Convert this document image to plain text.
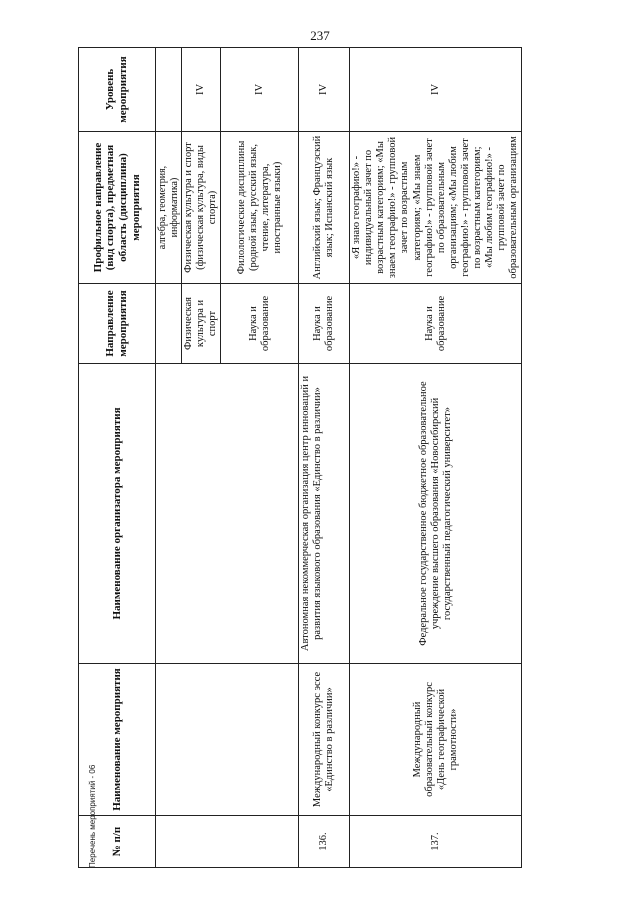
237
№ п/п	Наименование мероприятия	Наименование организатора мероприятия	Направление мероприятия	Профильное направление (вид спорта), предметная область (дисциплина) мероприятия	Уровень мероприятия
				алгебра, геометрия, информатика)	
			Физическая культура и спорт	Физическая культура и спорт (физическая культура, виды спорта)	IV
			Наука и образование	Филологические дисциплины (родной язык, русский язык, чтение, литература, иностранные языки)	IV
136.	Международный конкурс эссе «Единство в различии»	Автономная некоммерческая организация центр инноваций и развития языкового образования «Единство в различии»	Наука и образование	Английский язык; Французский язык; Испанский язык	IV
137.	Международный образовательный конкурс «День географической грамотности»	Федеральное государственное бюджетное образовательное учреждение высшего образования «Новосибирский государственный педагогический университет»	Наука и образование	«Я знаю географию!» - индивидуальный зачет по возрастным категориям; «Мы знаем географию!» - групповой зачет по возрастным категориям; «Мы знаем географию!» - групповой зачет по образовательным организациям; «Мы любим географию!» - групповой зачет по возрастным категориям; «Мы любим географию!» - групповой зачет по образовательным организациям	IV
Перечень мероприятий - 06
